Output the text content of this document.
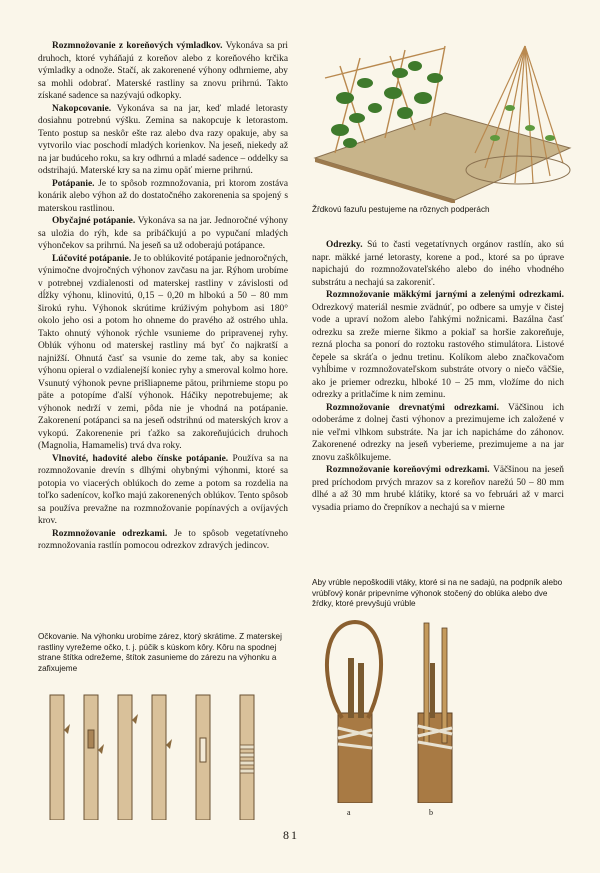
Rozmnožovanie z koreňových výmladkov. Vykonáva sa pri druhoch, ktoré vyháňajú z koreňov alebo z koreňového krčika výmladky a odnože. Stačí, ak zakorenené výhony odhrnieme, aby sa mohli odobrať. Materské rastliny sa znovu prihrnú. Takto získané sadence sa nazývajú odkopky.

Nakopcovanie. Vykonáva sa na jar, keď mladé letorasty dosiahnu potrebnú výšku. Zemina sa nakopcuje k letorastom. Tento postup sa neskôr ešte raz alebo dva razy opakuje, aby sa vytvorilo viac poschodí mladých korienkov. Na jeseň, niekedy až na jar budúceho roku, sa kry odhrnú a mladé sadence – oddelky sa odstrihajú. Materské kry sa na zimu opäť mierne prihrnú.

Potápanie. Je to spôsob rozmnožovania, pri ktorom zostáva konárik alebo výhon až do dostatočného zakorenenia sa spojený s materskou rastlinou.

Obyčajné potápanie. Vykonáva sa na jar. Jednoročné výhony sa uložia do rýh, kde sa pribáčkujú a po vypučaní mladých výhončekov sa prihrnú. Na jeseň sa už odoberajú potápance.

Lúčovité potápanie. Je to oblúkovité potápanie jednoročných, výnimočne dvojročných výhonov zavčasu na jar. Rýhom urobíme v potrebnej vzdialenosti od materskej rastliny v závislosti od dĺžky výhonu, klinovitú, 0,15 – 0,20 m hlbokú a 50 – 80 mm širokú ryhu. Výhonok skrútime krúživým pohybom asi 180° okolo jeho osi a potom ho ohneme do pravého až ostrého uhla. Takto ohnutý výhonok rýchle vsunieme do pripravenej ryhy. Oblúk výhonu od materskej rastliny má byť čo najkratší a najnižší. Ohnutá časť sa vsunie do zeme tak, aby sa koniec výhonu opieral o vzdialenejší koniec ryhy a smeroval kolmo hore. Vsunutý výhonok pevne prišliapneme pätou, prihrnieme stopu po päte a potopíme ďalší výhonok. Háčiky nepotrebujeme; ak výhonok nedrží v zemi, pôda nie je vhodná na potápanie. Zakorenení potápanci sa na jeseň odstrihnú od materských krov a vykopú. Zakorenenie pri ťažko sa zakoreňujúcich druhoch (Magnolia, Hamamelis) trvá dva roky.

Vlnovité, hadovité alebo čínske potápanie. Používa sa na rozmnožovanie drevín s dlhými ohybnými výhonmi, ktoré sa potopia vo viacerých oblúkoch do zeme a potom sa rozdelia na toľko sadenícov, koľko majú zakorenených oblúkov. Tento spôsob sa používa prevažne na rozmnožovanie popínavých a ovíjavých krov.

Rozmnožovanie odrezkami. Je to spôsob vegetatívneho rozmnožovania rastlín pomocou odrezkov zdravých jedincov.

Žŕdkovú fazuľu pestujeme na rôznych podperách

Odrezky. Sú to časti vegetatívnych orgánov rastlín, ako sú napr. mäkké jarné letorasty, korene a pod., ktoré sa po úprave napichajú do rozmnožovateľského alebo do iného vhodného substrátu a nechajú sa zakoreniť.

Rozmnožovanie mäkkými jarnými a zelenými odrezkami. Odrezkový materiál nesmie zvädnúť, po odbere sa umyje v čistej vode a upraví nožom alebo ľahkými nožnicami. Bazálna časť odrezku sa zreže mierne šikmo a pokiaľ sa horšie zakoreňuje, rezná plocha sa ponorí do roztoku rastového stimulátora. Listové čepele sa skráťa o jednu tretinu. Kolíkom alebo značkovačom vyhĺbime v rozmnožovateľskom substráte otvory o niečo väčšie, ako je priemer odrezku, hlboké 10 – 25 mm, vložíme do nich odrezky a pritlačíme k nim zeminu.

Rozmnožovanie drevnatými odrezkami. Väčšinou ich odoberáme z dolnej časti výhonov a prezimujeme ich založené v nie veľmi vlhkom substráte. Na jar ich napicháme do záhonov. Zakorenené odrezky na jeseň vyberieme, prezimujeme a na jar znovu zaškôlkujeme.

Rozmnožovanie koreňovými odrezkami. Väčšinou na jeseň pred príchodom prvých mrazov sa z koreňov narežú 50 – 80 mm dlhé a až 30 mm hrubé klátiky, ktoré sa vo februári až v marci vysadia priamo do črepníkov a nechajú sa v mierne

Aby vrúble nepoškodili vtáky, ktoré si na ne sadajú, na podpník alebo vrúbľový konár pripevníme výhonok stočený do oblúka alebo dve žŕdky, ktoré prevyšujú vrúble
a	b
Očkovanie. Na výhonku urobíme zárez, ktorý skrátime. Z materskej rastliny vyrežeme očko, t. j. púčik s kúskom kôry. Kôru na spodnej strane štítka odrežeme, štítok zasunieme do zárezu na výhonku a zafixujeme
81
